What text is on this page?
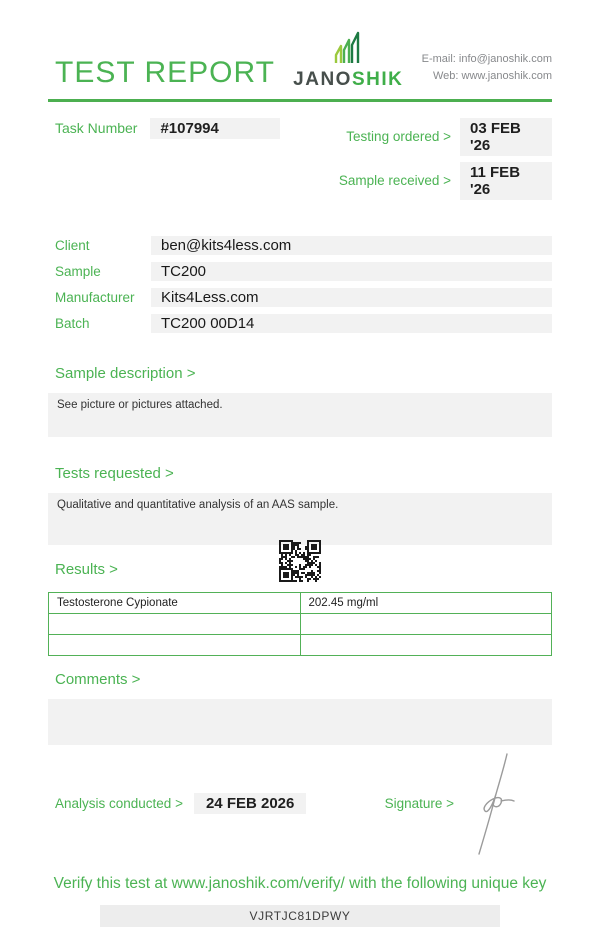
TEST REPORT JANOSHIK
E-mail: info@janoshik.com
Web: www.janoshik.com
Task Number	#107994	Testing ordered >	03 FEB '26
Sample received >	11 FEB '26
Client	ben@kits4less.com
Sample	TC200
Manufacturer	Kits4Less.com
Batch	TC200 00D14
Sample description >
See picture or pictures attached.
Tests requested >
Qualitative and quantitative analysis of an AAS sample.
Results >
Testosterone Cypionate	202.45 mg/ml

Comments >
Analysis conducted >	24 FEB 2026	Signature >
Verify this test at www.janoshik.com/verify/ with the following unique key
VJRTJC81DPWY
